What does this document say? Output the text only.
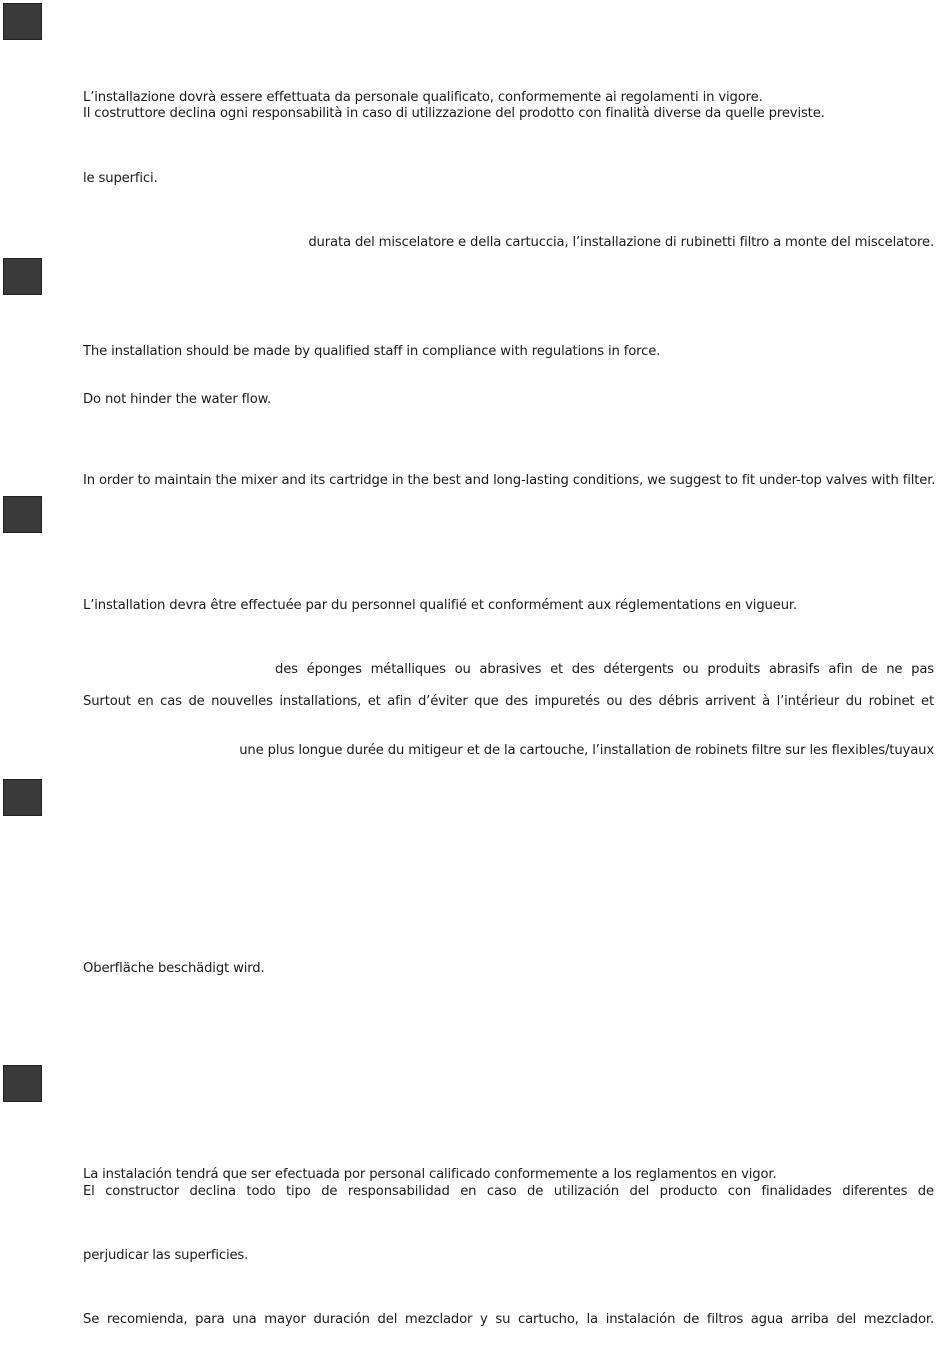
L’installazione dovrà essere effettuata da personale qualificato, conformemente ai regolamenti in vigore.
Il costruttore declina ogni responsabilità in caso di utilizzazione del prodotto con finalità diverse da quelle previste.
le superfici.
durata del miscelatore e della cartuccia, l’installazione di rubinetti filtro a monte del miscelatore.
The installation should be made by qualified staff in compliance with regulations in force.
Do not hinder the water flow.
In order to maintain the mixer and its cartridge in the best and long-lasting conditions, we suggest to fit under-top valves with filter.
L’installation devra être effectuée par du personnel qualifié et conformément aux réglementations en vigueur.
des éponges métalliques ou abrasives et des détergents ou produits abrasifs afin de ne pas
Surtout en cas de nouvelles installations, et afin d’éviter que des impuretés ou des débris arrivent à l’intérieur du robinet et
une plus longue durée du mitigeur et de la cartouche, l’installation de robinets filtre sur les flexibles/tuyaux
Oberfläche beschädigt wird.
La instalación tendrá que ser efectuada por personal calificado conformemente a los reglamentos en vigor.
El constructor declina todo tipo de responsabilidad en caso de utilización del producto con finalidades diferentes de
perjudicar las superficies.
Se recomienda, para una mayor duración del mezclador y su cartucho, la instalación de filtros agua arriba del mezclador.
